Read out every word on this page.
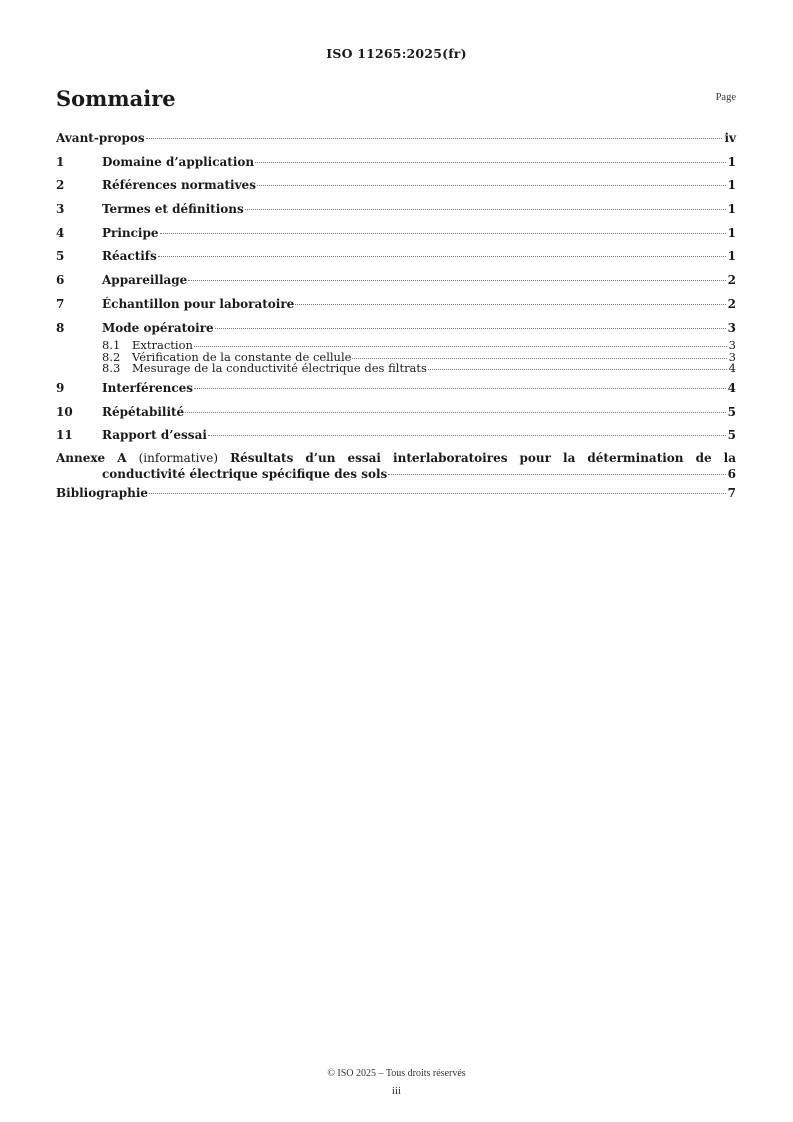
ISO 11265:2025(fr)
Sommaire	Page
Avant-propos	iv
1	Domaine d’application	1
2	Références normatives	1
3	Termes et définitions	1
4	Principe	1
5	Réactifs	1
6	Appareillage	2
7	Échantillon pour laboratoire	2
8	Mode opératoire	3
8.1	Extraction	3
8.2	Vérification de la constante de cellule	3
8.3	Mesurage de la conductivité électrique des filtrats	4
9	Interférences	4
10	Répétabilité	5
11	Rapport d’essai	5
Annexe A (informative) Résultats d’un essai interlaboratoires pour la détermination de la
conductivité électrique spécifique des sols	6
Bibliographie	7
© ISO 2025 – Tous droits réservés
iii
